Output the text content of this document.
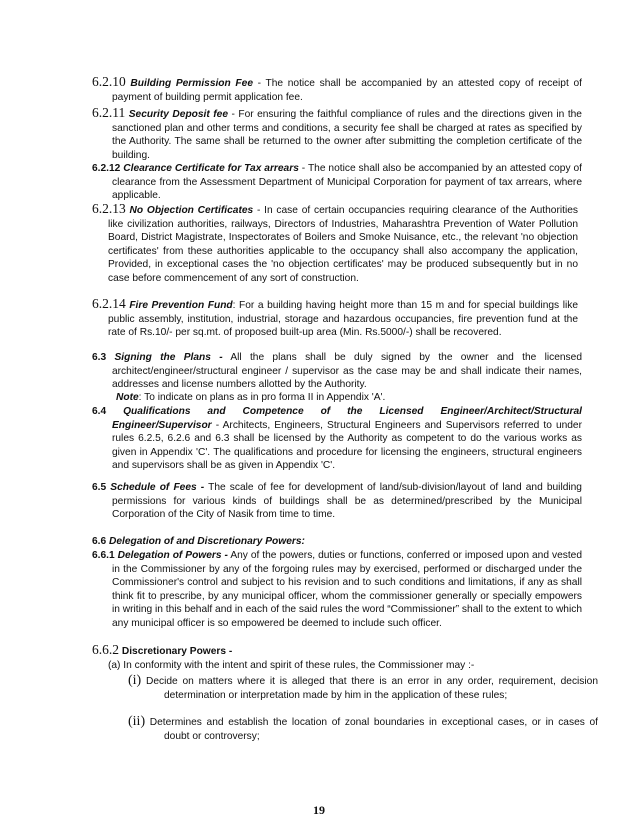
6.2.10 Building Permission Fee - The notice shall be accompanied by an attested copy of receipt of payment of building permit application fee.

6.2.11 Security Deposit fee - For ensuring the faithful compliance of rules and the directions given in the sanctioned plan and other terms and conditions, a security fee shall be charged at rates as specified by the Authority. The same shall be returned to the owner after submitting the completion certificate of the building.

6.2.12 Clearance Certificate for Tax arrears - The notice shall also be accompanied by an attested copy of clearance from the Assessment Department of Municipal Corporation for payment of tax arrears, where applicable.

6.2.13 No Objection Certificates - In case of certain occupancies requiring clearance of the Authorities like civilization authorities, railways, Directors of Industries, Maharashtra Prevention of Water Pollution Board, District Magistrate, Inspectorates of Boilers and Smoke Nuisance, etc., the relevant 'no objection certificates' from these authorities applicable to the occupancy shall also accompany the application, Provided, in exceptional cases the 'no objection certificates' may be produced subsequently but in no case before commencement of any sort of construction.

6.2.14 Fire Prevention Fund: For a building having height more than 15 m and for special buildings like public assembly, institution, industrial, storage and hazardous occupancies, fire prevention fund at the rate of Rs.10/- per sq.mt. of proposed built-up area (Min. Rs.5000/-) shall be recovered.

6.3 Signing the Plans - All the plans shall be duly signed by the owner and the licensed architect/engineer/structural engineer / supervisor as the case may be and shall indicate their names, addresses and license numbers allotted by the Authority.

Note: To indicate on plans as in pro forma II in Appendix 'A'.

6.4 Qualifications and Competence of the Licensed Engineer/Architect/Structural Engineer/Supervisor - Architects, Engineers, Structural Engineers and Supervisors referred to under rules 6.2.5, 6.2.6 and 6.3 shall be licensed by the Authority as competent to do the various works as given in Appendix 'C'. The qualifications and procedure for licensing the engineers, structural engineers and supervisors shall be as given in Appendix 'C'.

6.5 Schedule of Fees - The scale of fee for development of land/sub-division/layout of land and building permissions for various kinds of buildings shall be as determined/prescribed by the Municipal Corporation of the City of Nasik from time to time.

6.6 Delegation of and Discretionary Powers:

6.6.1 Delegation of Powers - Any of the powers, duties or functions, conferred or imposed upon and vested in the Commissioner by any of the forgoing rules may by exercised, performed or discharged under the Commissioner's control and subject to his revision and to such conditions and limitations, if any as shall think fit to prescribe, by any municipal officer, whom the commissioner generally or specially empowers in writing in this behalf and in each of the said rules the word “Commissioner” shall to the extent to which any municipal officer is so empowered be deemed to include such officer.

6.6.2 Discretionary Powers -

(a) In conformity with the intent and spirit of these rules, the Commissioner may :-

(i) Decide on matters where it is alleged that there is an error in any order, requirement, decision determination or interpretation made by him in the application of these rules;

(ii) Determines and establish the location of zonal boundaries in exceptional cases, or in cases of doubt or controversy;

19
